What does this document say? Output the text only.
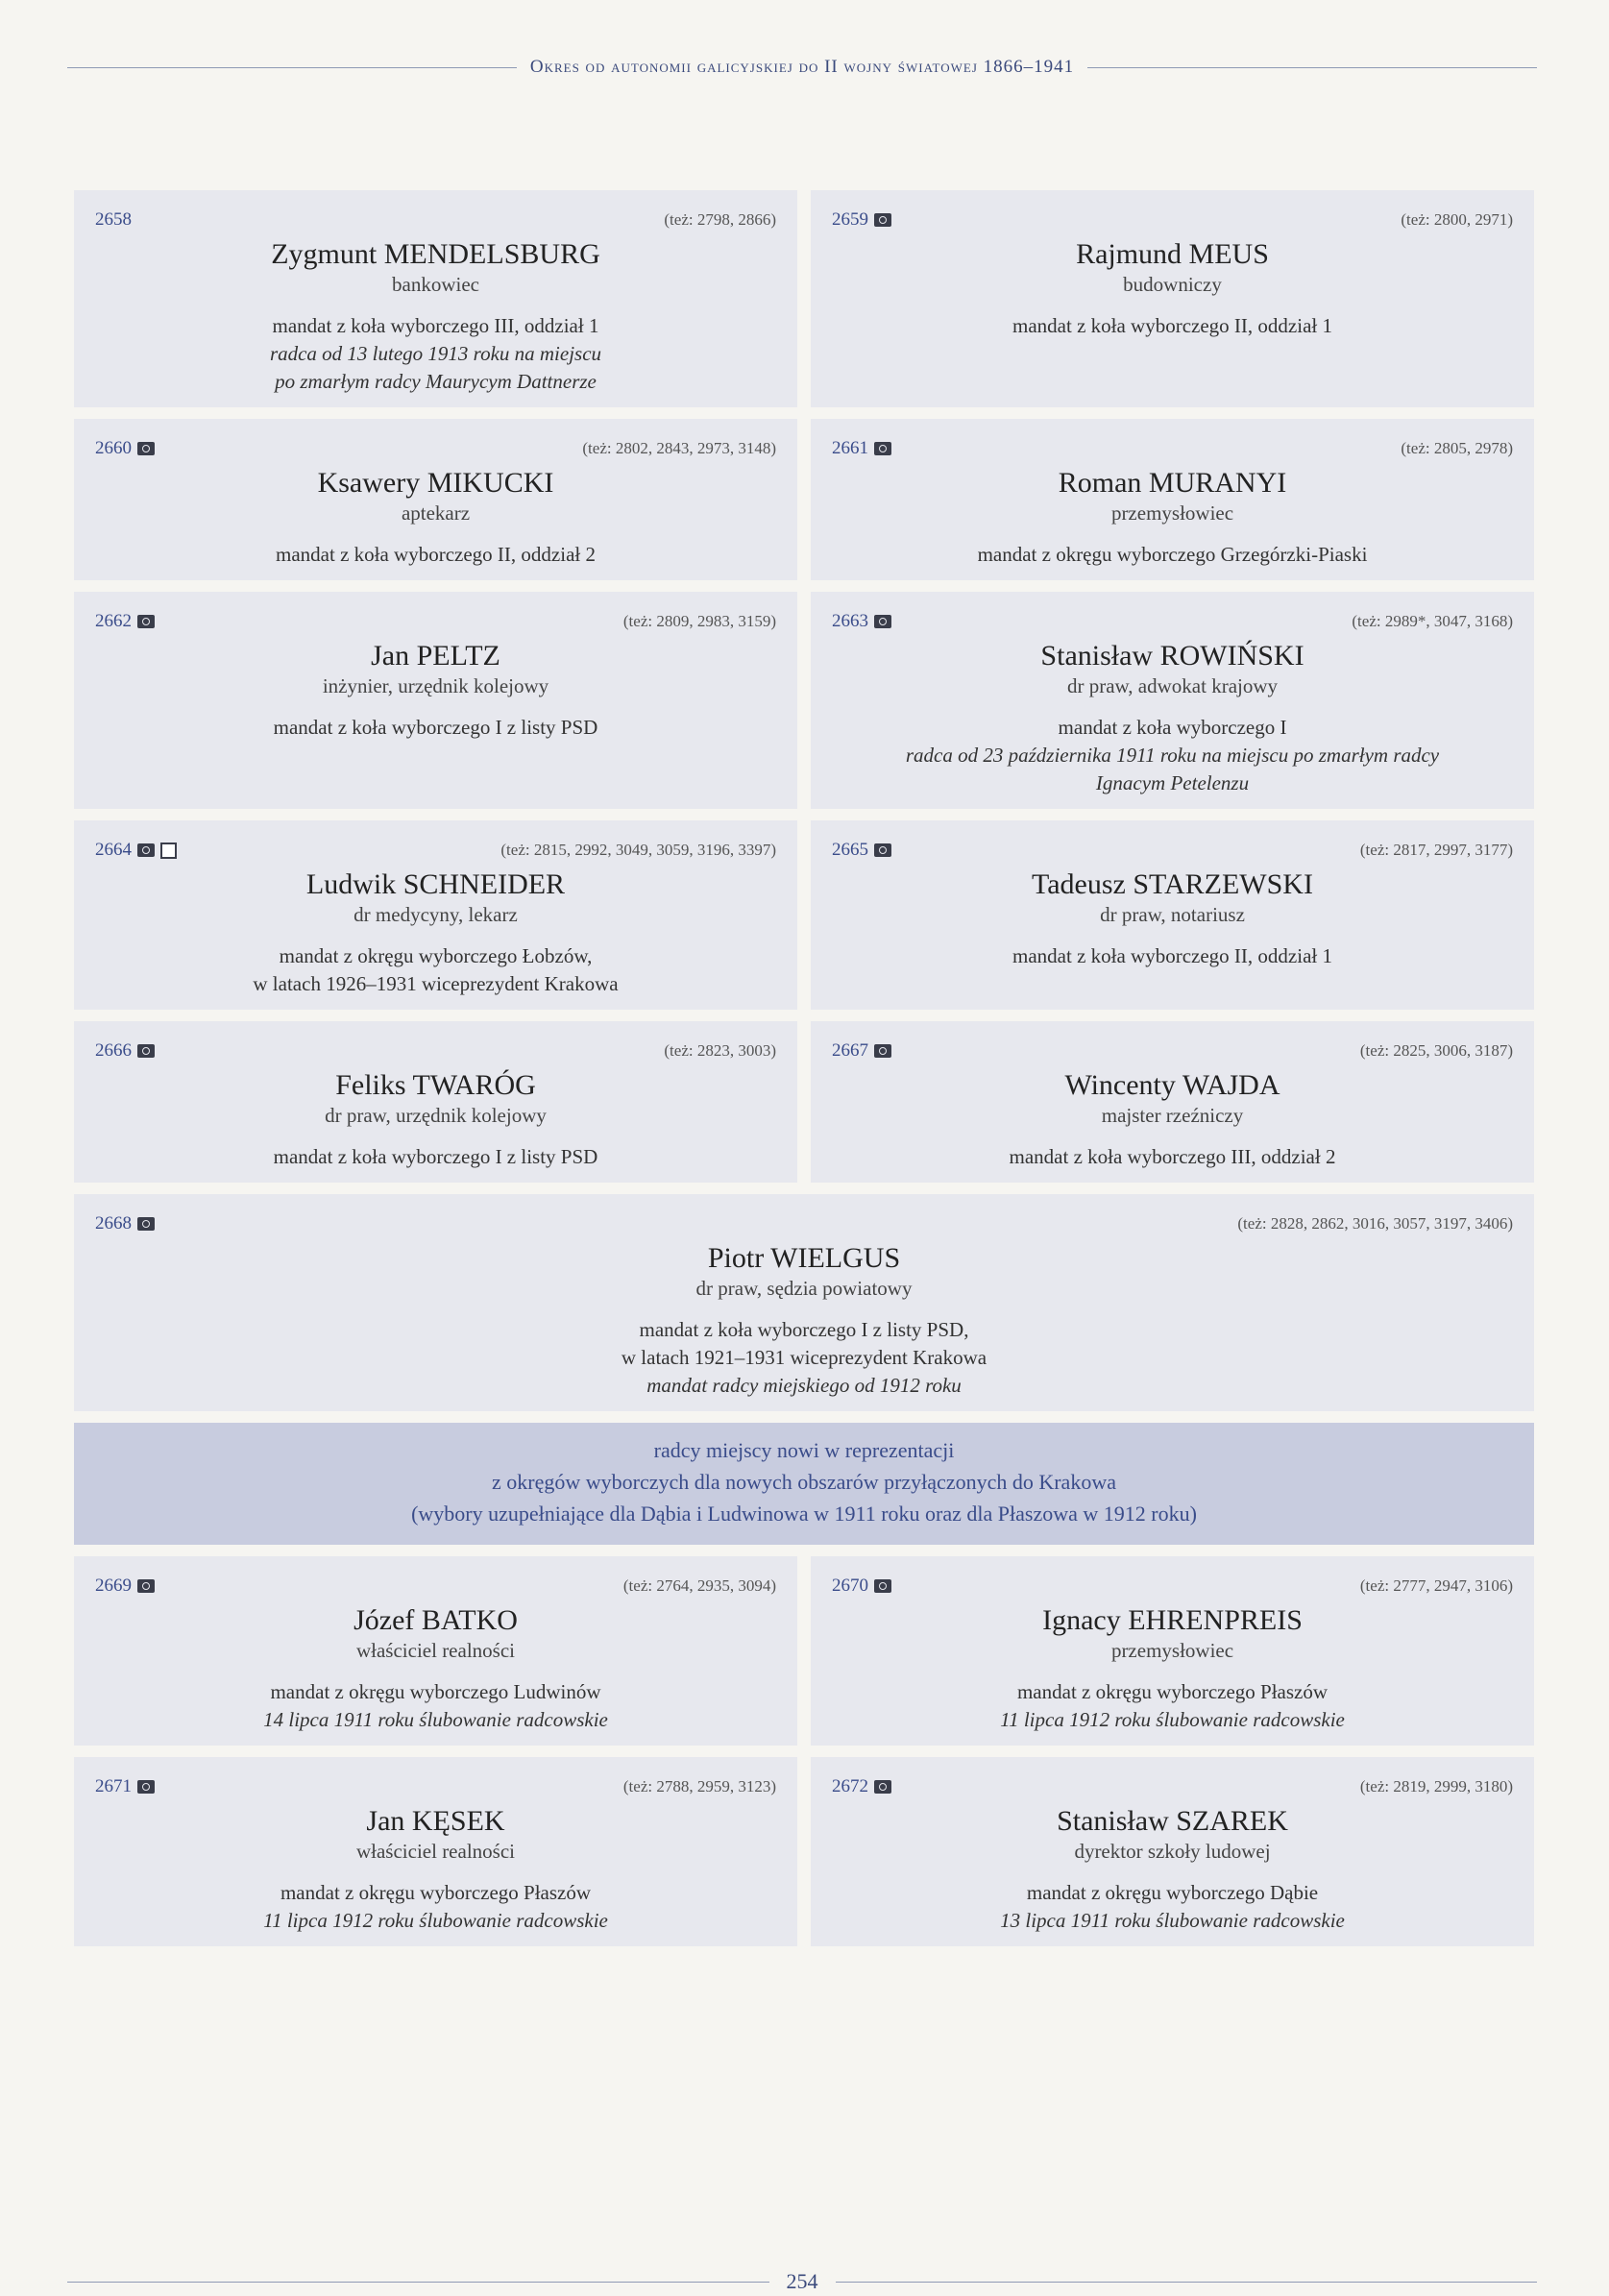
Okres od autonomii galicyjskiej do II wojny światowej 1866–1941
2658	(też: 2798, 2866)
Zygmunt MENDELSBURG
bankowiec
mandat z koła wyborczego III, oddział 1
radca od 13 lutego 1913 roku na miejscu
po zmarłym radcy Maurycym Dattnerze
2659	(też: 2800, 2971)
Rajmund MEUS
budowniczy
mandat z koła wyborczego II, oddział 1
2660	(też: 2802, 2843, 2973, 3148)
Ksawery MIKUCKI
aptekarz
mandat z koła wyborczego II, oddział 2
2661	(też: 2805, 2978)
Roman MURANYI
przemysłowiec
mandat z okręgu wyborczego Grzegórzki-Piaski
2662	(też: 2809, 2983, 3159)
Jan PELTZ
inżynier, urzędnik kolejowy
mandat z koła wyborczego I z listy PSD
2663	(też: 2989*, 3047, 3168)
Stanisław ROWIŃSKI
dr praw, adwokat krajowy
mandat z koła wyborczego I
radca od 23 października 1911 roku na miejscu po zmarłym radcy
Ignacym Petelenzu
2664	(też: 2815, 2992, 3049, 3059, 3196, 3397)
Ludwik SCHNEIDER
dr medycyny, lekarz
mandat z okręgu wyborczego Łobzów,
w latach 1926–1931 wiceprezydent Krakowa
2665	(też: 2817, 2997, 3177)
Tadeusz STARZEWSKI
dr praw, notariusz
mandat z koła wyborczego II, oddział 1
2666	(też: 2823, 3003)
Feliks TWARÓG
dr praw, urzędnik kolejowy
mandat z koła wyborczego I z listy PSD
2667	(też: 2825, 3006, 3187)
Wincenty WAJDA
majster rzeźniczy
mandat z koła wyborczego III, oddział 2
2668	(też: 2828, 2862, 3016, 3057, 3197, 3406)
Piotr WIELGUS
dr praw, sędzia powiatowy
mandat z koła wyborczego I z listy PSD,
w latach 1921–1931 wiceprezydent Krakowa
mandat radcy miejskiego od 1912 roku
radcy miejscy nowi w reprezentacji
z okręgów wyborczych dla nowych obszarów przyłączonych do Krakowa
(wybory uzupełniające dla Dąbia i Ludwinowa w 1911 roku oraz dla Płaszowa w 1912 roku)
2669	(też: 2764, 2935, 3094)
Józef BATKO
właściciel realności
mandat z okręgu wyborczego Ludwinów
14 lipca 1911 roku ślubowanie radcowskie
2670	(też: 2777, 2947, 3106)
Ignacy EHRENPREIS
przemysłowiec
mandat z okręgu wyborczego Płaszów
11 lipca 1912 roku ślubowanie radcowskie
2671	(też: 2788, 2959, 3123)
Jan KĘSEK
właściciel realności
mandat z okręgu wyborczego Płaszów
11 lipca 1912 roku ślubowanie radcowskie
2672	(też: 2819, 2999, 3180)
Stanisław SZAREK
dyrektor szkoły ludowej
mandat z okręgu wyborczego Dąbie
13 lipca 1911 roku ślubowanie radcowskie
254
